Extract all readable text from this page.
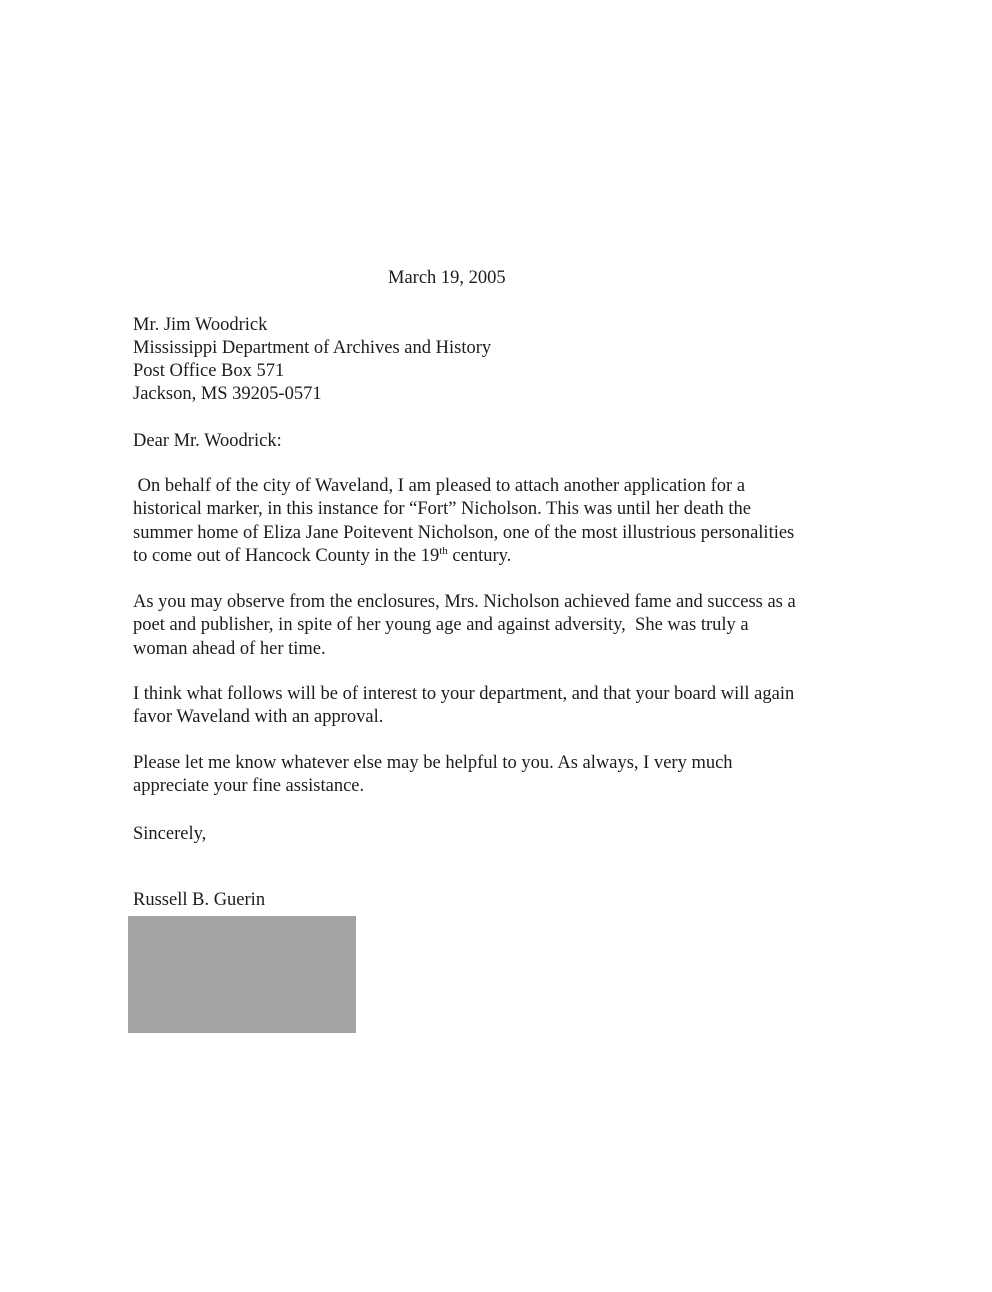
March 19, 2005
Mr. Jim Woodrick
Mississippi Department of Archives and History
Post Office Box 571
Jackson, MS 39205-0571
Dear Mr. Woodrick:
On behalf of the city of Waveland, I am pleased to attach another application for a
historical marker, in this instance for “Fort” Nicholson. This was until her death the
summer home of Eliza Jane Poitevent Nicholson, one of the most illustrious personalities
to come out of Hancock County in the 19th century.
As you may observe from the enclosures, Mrs. Nicholson achieved fame and success as a
poet and publisher, in spite of her young age and against adversity,  She was truly a
woman ahead of her time.
I think what follows will be of interest to your department, and that your board will again
favor Waveland with an approval.
Please let me know whatever else may be helpful to you. As always, I very much
appreciate your fine assistance.
Sincerely,
Russell B. Guerin
